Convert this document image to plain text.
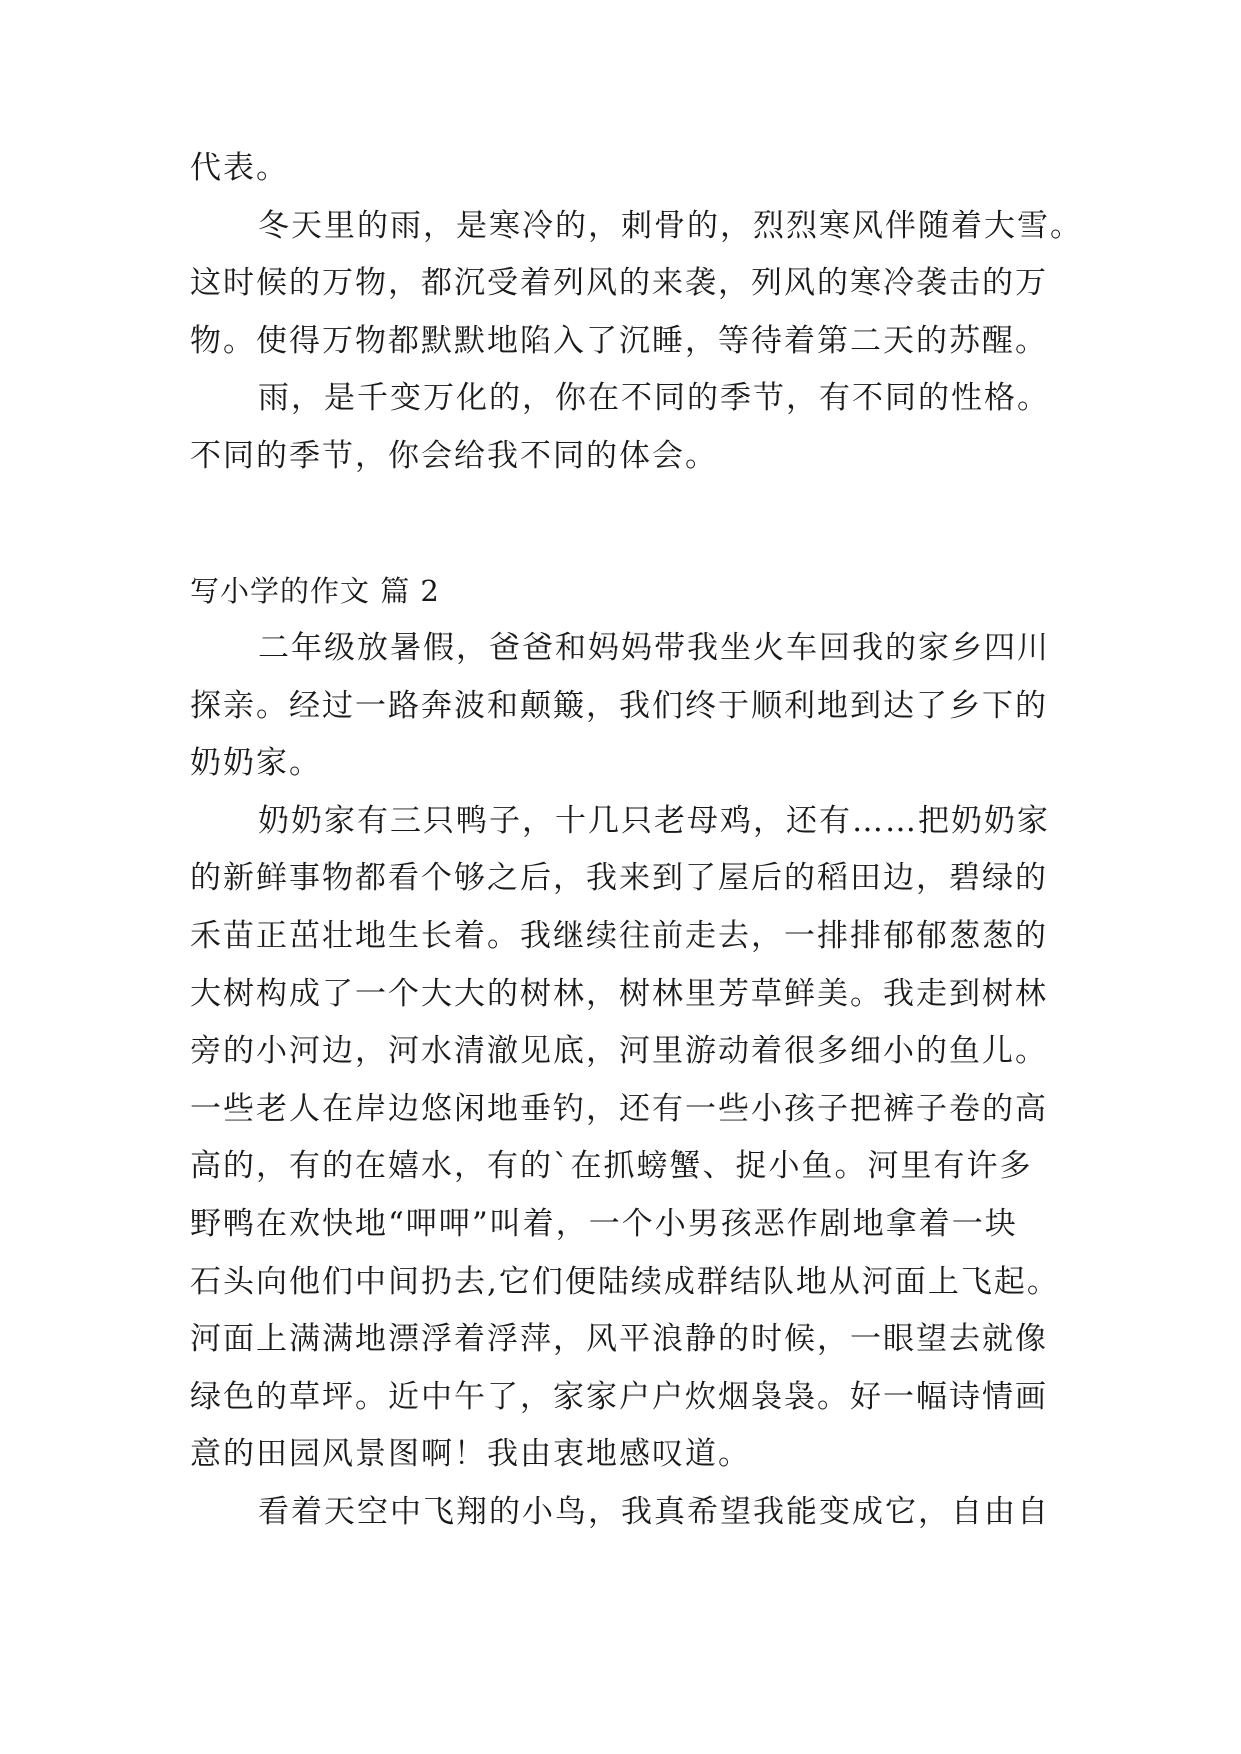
代表。
冬天里的雨，是寒冷的，刺骨的，烈烈寒风伴随着大雪。
这时候的万物，都沉受着列风的来袭，列风的寒冷袭击的万
物。使得万物都默默地陷入了沉睡，等待着第二天的苏醒。
雨，是千变万化的，你在不同的季节，有不同的性格。
不同的季节，你会给我不同的体会。
写小学的作文 篇 2
二年级放暑假，爸爸和妈妈带我坐火车回我的家乡四川
探亲。经过一路奔波和颠簸，我们终于顺利地到达了乡下的
奶奶家。
奶奶家有三只鸭子，十几只老母鸡，还有……把奶奶家
的新鲜事物都看个够之后，我来到了屋后的稻田边，碧绿的
禾苗正茁壮地生长着。我继续往前走去，一排排郁郁葱葱的
大树构成了一个大大的树林，树林里芳草鲜美。我走到树林
旁的小河边，河水清澈见底，河里游动着很多细小的鱼儿。
一些老人在岸边悠闲地垂钓，还有一些小孩子把裤子卷的高
高的，有的在嬉水，有的`在抓螃蟹、捉小鱼。河里有许多
野鸭在欢快地“呷呷”叫着，一个小男孩恶作剧地拿着一块
石头向他们中间扔去,它们便陆续成群结队地从河面上飞起。
河面上满满地漂浮着浮萍，风平浪静的时候，一眼望去就像
绿色的草坪。近中午了，家家户户炊烟袅袅。好一幅诗情画
意的田园风景图啊！我由衷地感叹道。
看着天空中飞翔的小鸟，我真希望我能变成它，自由自
